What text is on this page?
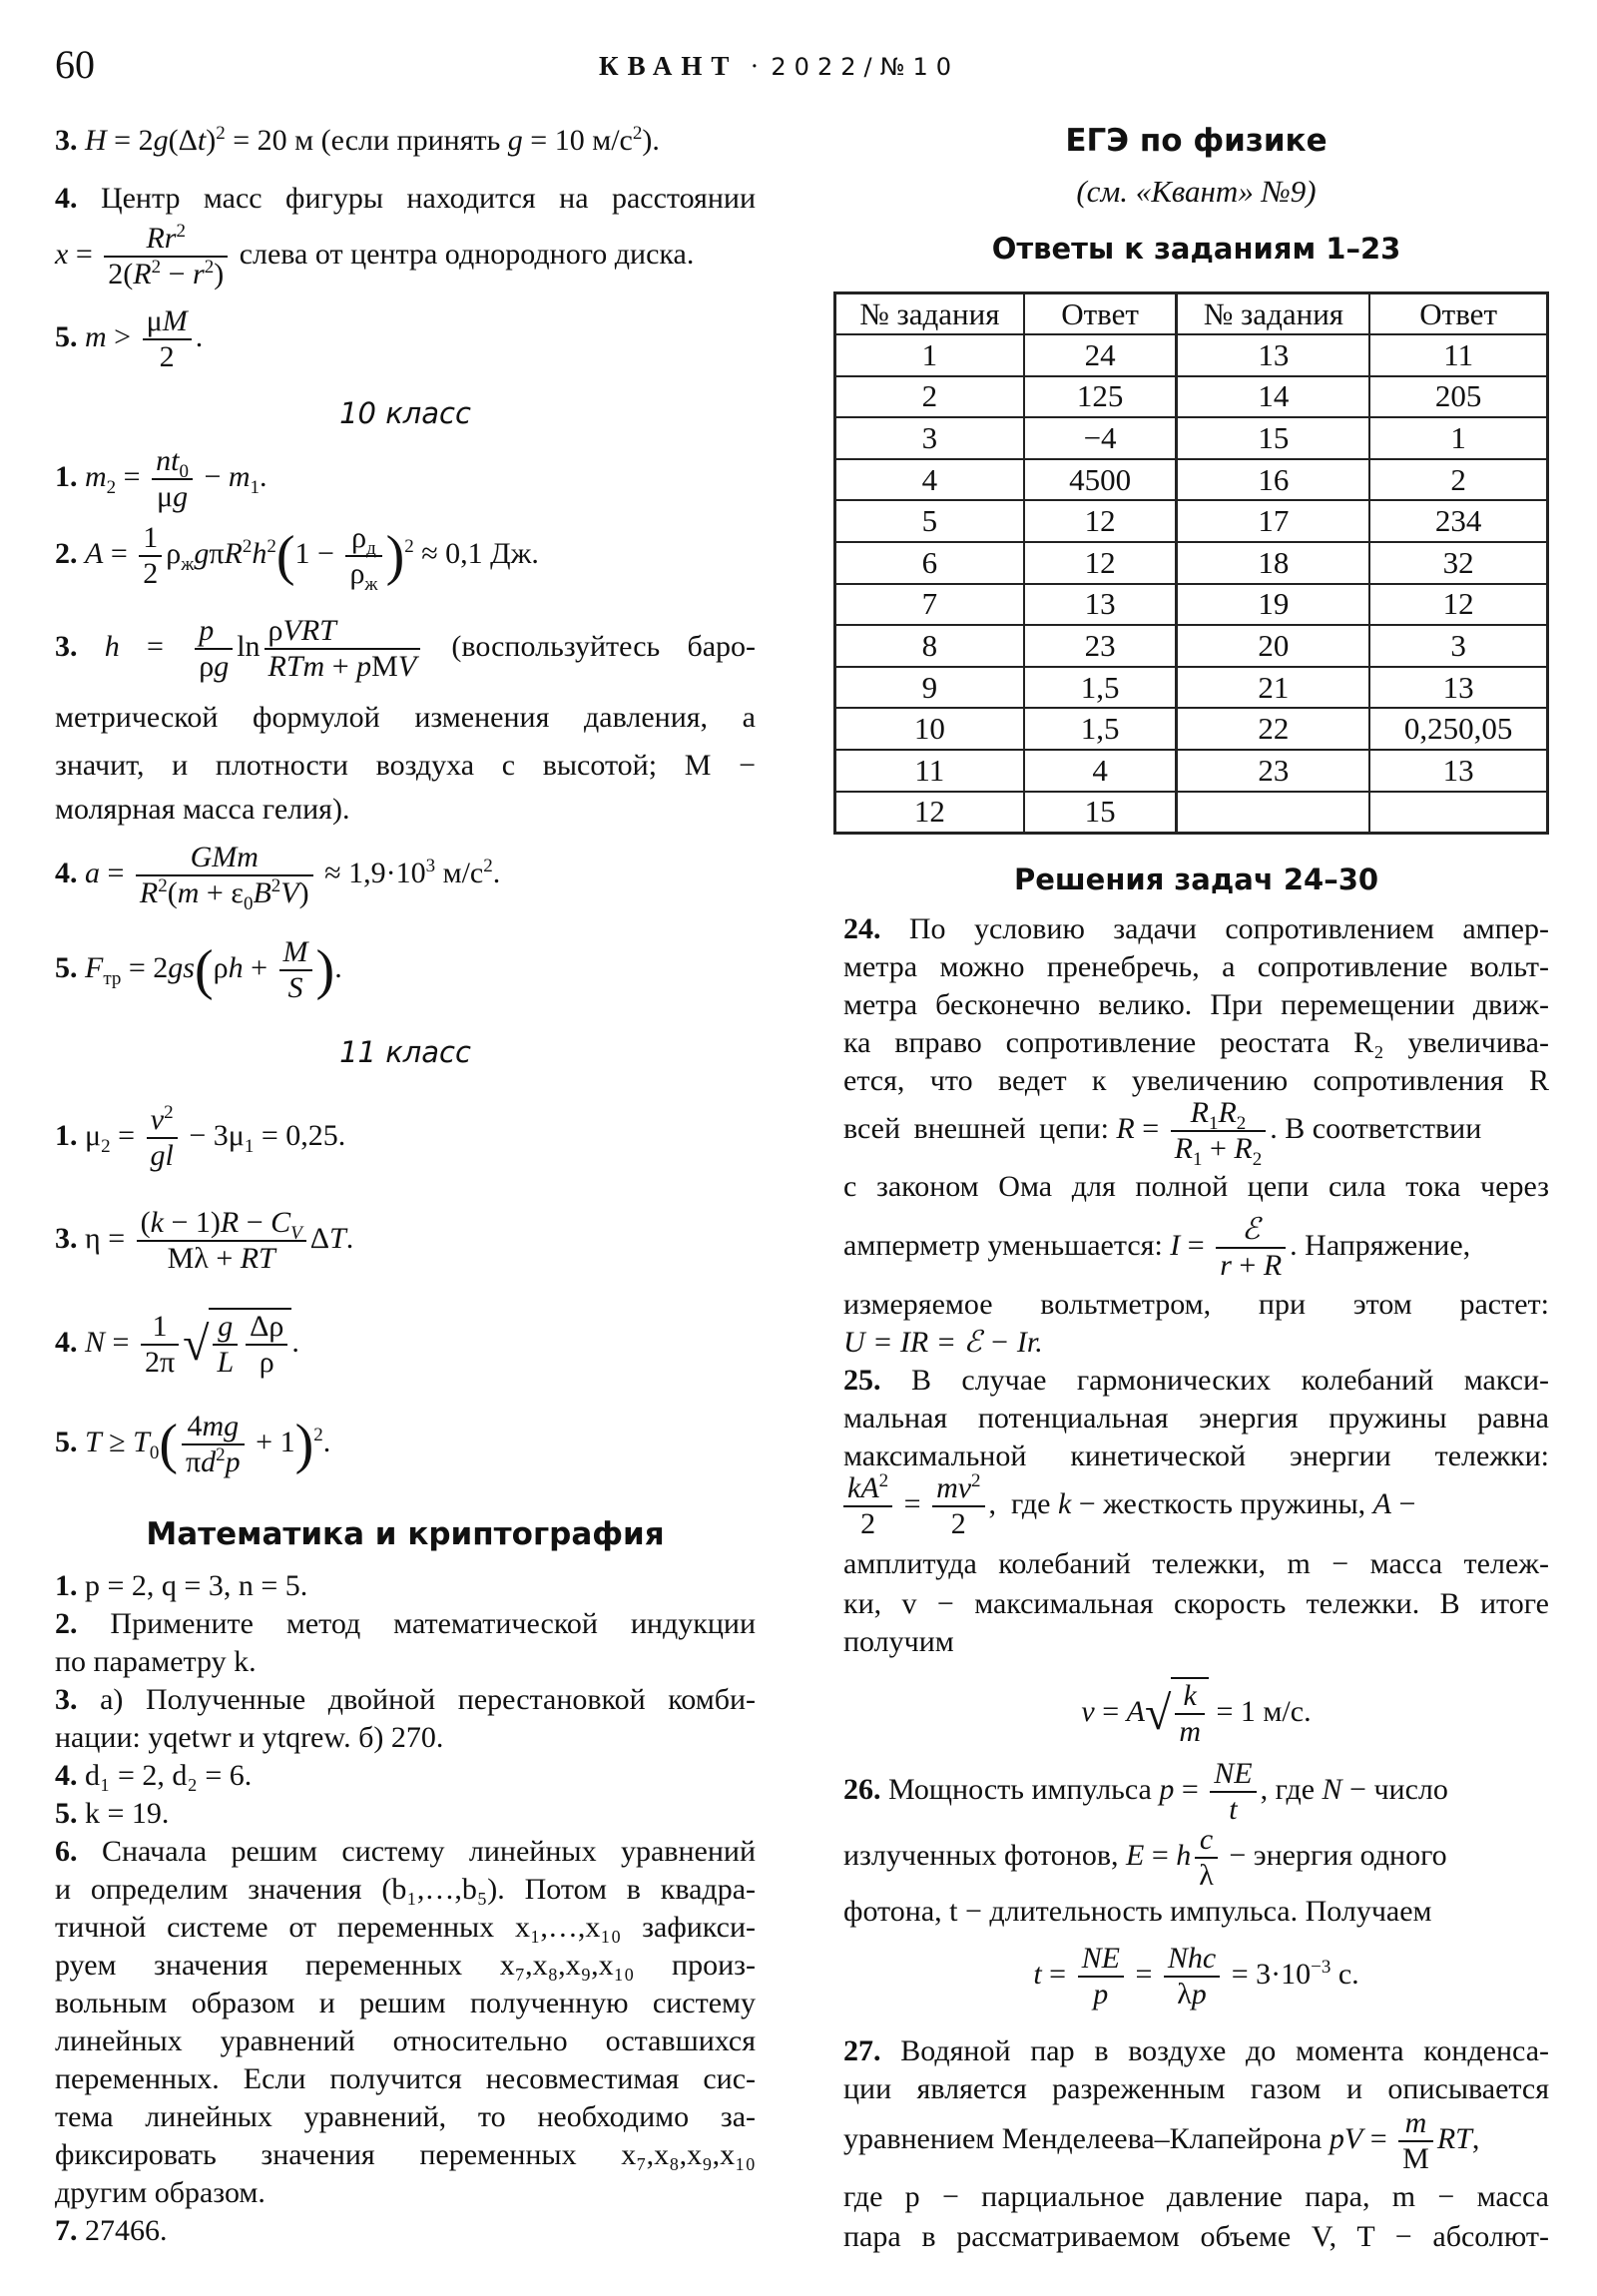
60	КВАНТ · 2022/№10
3. $H = 2g(\Delta t)^2 = 20$ м (если принять g = 10 $м/с^2$).
4. Центр масс фигуры находится на расстоянии
$x = \frac{Rr^2}{2(R^2 - r^2)}$ слева от центра однородного диска.
5. $m > \frac{\mu M}{2}$ .
10 класс
1. $m_2 = \frac{nt_0}{\mu g} - m_1$.
2. $A = \frac{1}{2} \rho_жg\pi R^2h^2(1 - \frac{\rho_д}{\rho_ж} )^2 \approx 0,1$ Дж.
3. $h = \frac{p}{\rho g}$ $\ln \frac{\text{ρVRT}}{\text{RTm + pMV}}$ (воспользуйтесь баро-
метрической формулой изменения давления, а
значит, и плотности воздуха с высотой; M −
молярная масса гелия).
4. $a = \frac{\text{GMm}}{R^2(m + \varepsilon_0B^2V)} \approx 1,9\cdot 10^3$ $м/с^2$.
5. $F_{тр} = 2gs(\rho h + \frac{M}{S}$ ).
11 класс
1. $\mu_2 = \frac{v^2}{gl} - 3\mu_1 = 0,25$.
3. $\eta = \frac{(k - 1)R - C_V}{M\lambda + RT} \Delta T$.
4. $N = \frac{1}{2\pi}$ √ $\frac{g}{L} \frac{\Delta\rho}{\rho}$ .
5. $T \ge T_0( \frac{4mg}{\pi d^2p} + 1)^2$.
Математика и криптография
1. p = 2, q = 3, n = 5.
2. Примените метод математической индукции
по параметру k.
3. а) Полученные двойной перестановкой комби-
нации: yqetwr и ytqrew. б) 270.
4. d₁ = 2, d₂ = 6.
5. k = 19.
6. Сначала решим систему линейных уравнений
и определим значения (b₁,…,b₅). Потом в квадра-
тичной системе от переменных x₁,…,x₁₀ зафикси-
руем значения переменных x₇,x₈,x₉,x₁₀ произ-
вольным образом и решим полученную систему
линейных уравнений относительно оставшихся
переменных. Если получится несовместимая сис-
тема линейных уравнений, то необходимо за-
фиксировать значения переменных x₇,x₈,x₉,x₁₀
другим образом.
7. 27466.
ЕГЭ по физике
(см. «Квант» №9)
Ответы к заданиям 1–23
№ задания	Ответ	№ задания	Ответ
1	24	13	11
2	125	14	205
3	−4	15	1
4	4500	16	2
5	12	17	234
6	12	18	32
7	13	19	12
8	23	20	3
9	1,5	21	13
10	1,5	22	0,250,05
11	4	23	13
12	15		
Решения задач 24–30
24. По условию задачи сопротивлением ампер-
метра можно пренебречь, а сопротивление вольт-
метра бесконечно велико. При перемещении движ-
ка вправо сопротивление реостата R₂ увеличива-
ется, что ведет к увеличению сопротивления R
всей внешней цепи: $R = \frac{R_1R_2}{R_1 + R_2}$ . В соответствии
с законом Ома для полной цепи сила тока через
амперметр уменьшается: $I = \frac{\text{ℰ}}{r + R}$ . Напряжение,
измеряемое вольтметром, при этом растет:
U = IR = ℰ − Ir.
25. В случае гармонических колебаний макси-
мальная потенциальная энергия пружины равна
максимальной кинетической энергии тележки:
$\frac{kA^2}{2} = \frac{mv^2}{2}$ ,  где k − жесткость пружины, A −
амплитуда колебаний тележки, m − масса тележ-
ки, v − максимальная скорость тележки. В итоге
получим
$v = A√ \frac{k}{m} = 1$ м/с.
26. Мощность импульса $p = \frac{NE}{t}$ , где N − число
излученных фотонов, E = h $\frac{c}{\lambda}$ − энергия одного
фотона, t − длительность импульса. Получаем
$t = \frac{NE}{p} = \frac{\text{Nhc}}{\lambda p} = 3\cdot 10^{-3}$ с.
27. Водяной пар в воздухе до момента конденса-
ции является разреженным газом и описывается
уравнением Менделеева–Клапейрона pV = $\frac{m}{M}$ RT,
где p − парциальное давление пара, m − масса
пара в рассматриваемом объеме V, T − абсолют-
